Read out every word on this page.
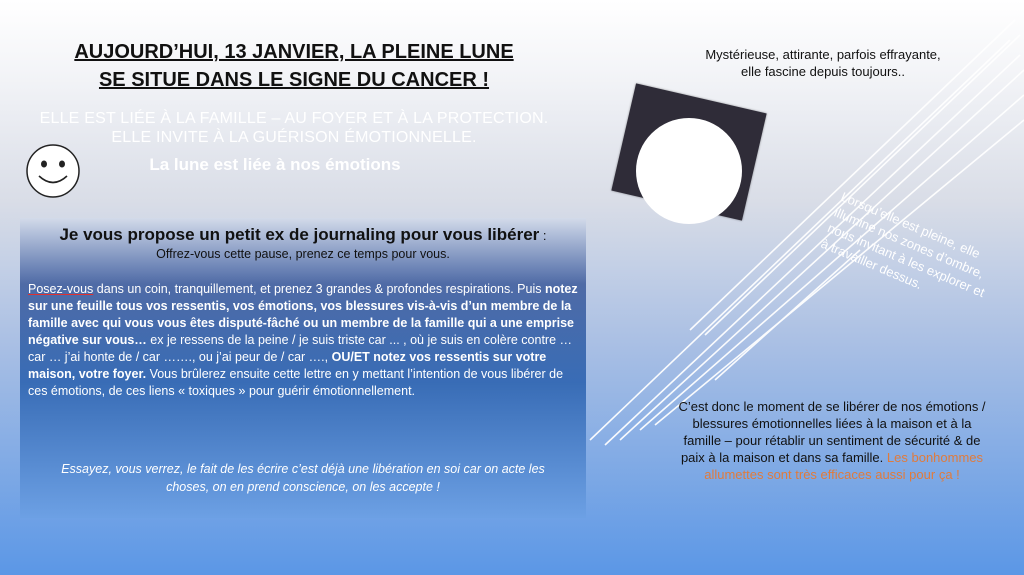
AUJOURD’HUI, 13 JANVIER, LA PLEINE LUNE
SE SITUE DANS LE SIGNE DU CANCER !
ELLE EST LIÉE À LA FAMILLE – AU FOYER ET À LA PROTECTION.
ELLE INVITE À LA GUÉRISON ÉMOTIONNELLE.
La lune est liée à nos émotions
Mystérieuse, attirante, parfois effrayante,
elle fascine depuis toujours..
Lorsqu’elle est pleine, elle illumine nos zones d’ombre, nous invitant à les explorer et à travailler dessus.
C’est donc le moment de se libérer de nos émotions / blessures émotionnelles liées à la maison et à la famille – pour rétablir un sentiment de sécurité & de paix à la maison et dans sa famille. Les bonhommes allumettes sont très efficaces aussi pour ça !
Je vous propose un petit ex de journaling pour vous libérer :
Offrez-vous cette pause, prenez ce temps pour vous.
Posez-vous dans un coin, tranquillement, et prenez 3 grandes & profondes respirations. Puis notez sur une feuille tous vos ressentis, vos émotions, vos blessures vis-à-vis d’un membre de la famille avec qui vous vous êtes disputé-fâché ou un membre de la famille qui a une emprise négative sur vous… ex je ressens de la peine / je suis triste car ... , où je suis en colère contre … car … j’ai honte de / car ……., ou j’ai peur de / car …., OU/ET notez vos ressentis sur votre maison, votre foyer. Vous brûlerez ensuite cette lettre en y mettant l’intention de vous libérer de ces émotions, de ces liens « toxiques » pour guérir émotionnellement.
Essayez, vous verrez, le fait de les écrire c’est déjà une libération en soi car on acte les choses, on en prend conscience, on les accepte !
